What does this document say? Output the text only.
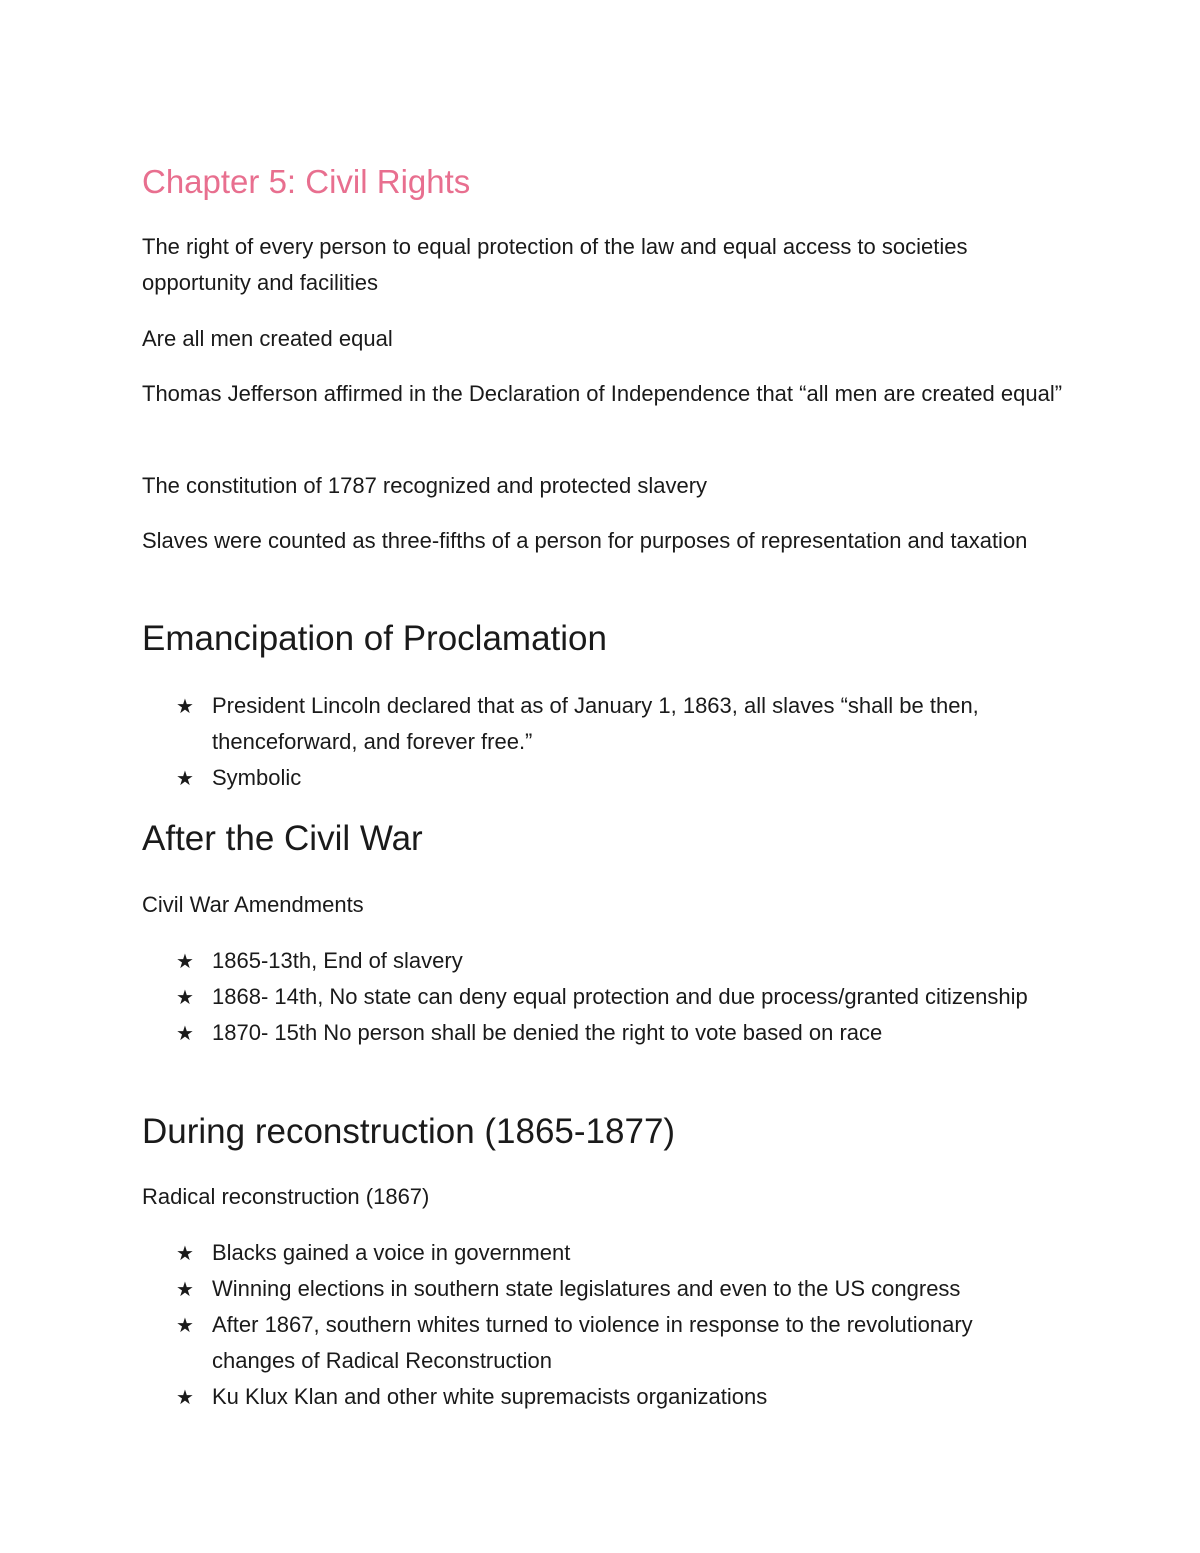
Chapter 5: Civil Rights
The right of every person to equal protection of the law and equal access to societies opportunity and facilities
Are all men created equal
Thomas Jefferson affirmed in the Declaration of Independence that “all men are created equal”
The constitution of 1787 recognized and protected slavery
Slaves were counted as three-fifths of a person for purposes of representation and taxation
Emancipation of Proclamation
★ President Lincoln declared that as of January 1, 1863, all slaves “shall be then, thenceforward, and forever free.”
★ Symbolic
After the Civil War
Civil War Amendments
★ 1865-13th, End of slavery
★ 1868- 14th, No state can deny equal protection and due process/granted citizenship
★ 1870- 15th No person shall be denied the right to vote based on race
During reconstruction (1865-1877)
Radical reconstruction (1867)
★ Blacks gained a voice in government
★ Winning elections in southern state legislatures and even to the US congress
★ After 1867, southern whites turned to violence in response to the revolutionary changes of Radical Reconstruction
★ Ku Klux Klan and other white supremacists organizations
